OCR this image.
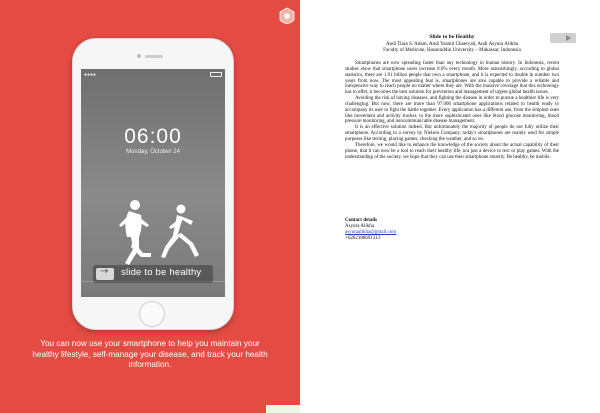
●●●●
06:00
Monday, October 24
→
slide to be healthy
You can now use your smartphone to help you maintain your healthy lifestyle, self-manage your disease, and track your health information.
Slide to be Healthy
Andi Tiara S. Adam, Andi Yasmil Chaeryah, Andi Asyura Alikha
Faculty of Medicine, Hasanuddin University – Makassar, Indonesia

Smartphones are now spreading faster than any technology in human history. In Indonesia, recent studies show that smartphone users increase 8.0% every month. More astonishingly, according to global statistics, there are 1.91 billion people that own a smartphone, and it is expected to double in number two years from now. The most appealing feat is, smartphones are also capable to provide a reliable and inexpensive way to reach people no matter where they are. With the massive coverage that this technology has to offer, it becomes the best solution for prevention and management of urgent global health issues.

Avoiding the risk of having diseases, and fighting the disease in order to pursue a healthier life is very challenging. But now, there are more than 97.000 smartphone applications related to health ready to accompany its user to fight the battle together. Every application has a different use, from the simplest ones like movement and activity tracker, to the more sophisticated ones like blood glucose monitoring, blood pressure monitoring, and noncommunicable disease management.

It is an effective solution indeed. But unfortunately the majority of people do not fully utilize their smartphone. According to a survey by Nielsen Company, today's smartphones are mainly used for simple purposes like texting, playing games, checking the weather, and so on.

Therefore, we would like to enhance the knowledge of the society about the actual capability of their phone, that it can now be a tool to reach their healthy life, not just a device to text or play games. With the understanding of the society, we hope that they can use their smartphone smartly. Be healthy, be mobile.

Contact details
Asyura Alikha
asyuraalikha@gmail.com
+6282188691313
